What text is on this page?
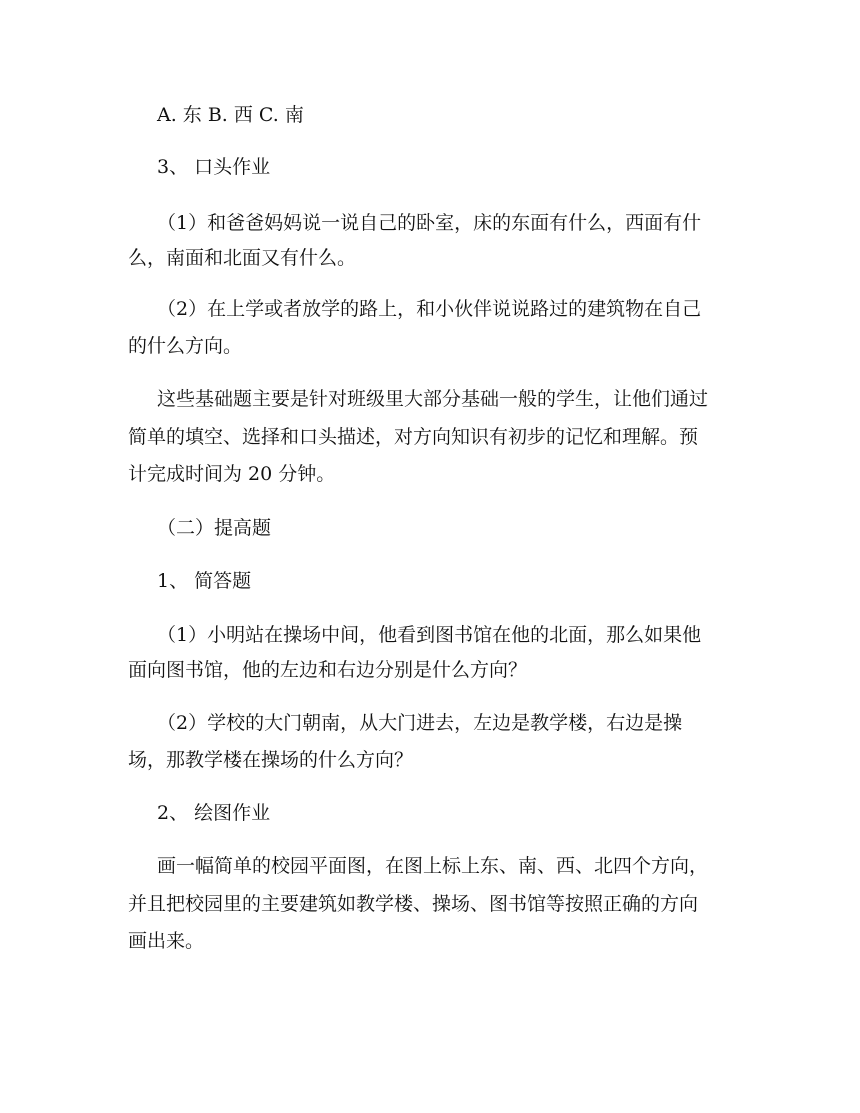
A. 东 B. 西 C. 南
3、 口头作业
（1）和爸爸妈妈说一说自己的卧室，床的东面有什么，西面有什
么，南面和北面又有什么。
（2）在上学或者放学的路上，和小伙伴说说路过的建筑物在自己
的什么方向。
这些基础题主要是针对班级里大部分基础一般的学生，让他们通过
简单的填空、选择和口头描述，对方向知识有初步的记忆和理解。预
计完成时间为 20 分钟。
（二）提高题
1、 简答题
（1）小明站在操场中间，他看到图书馆在他的北面，那么如果他
面向图书馆，他的左边和右边分别是什么方向？
（2）学校的大门朝南，从大门进去，左边是教学楼，右边是操
场，那教学楼在操场的什么方向？
2、 绘图作业
画一幅简单的校园平面图，在图上标上东、南、西、北四个方向，
并且把校园里的主要建筑如教学楼、操场、图书馆等按照正确的方向
画出来。
